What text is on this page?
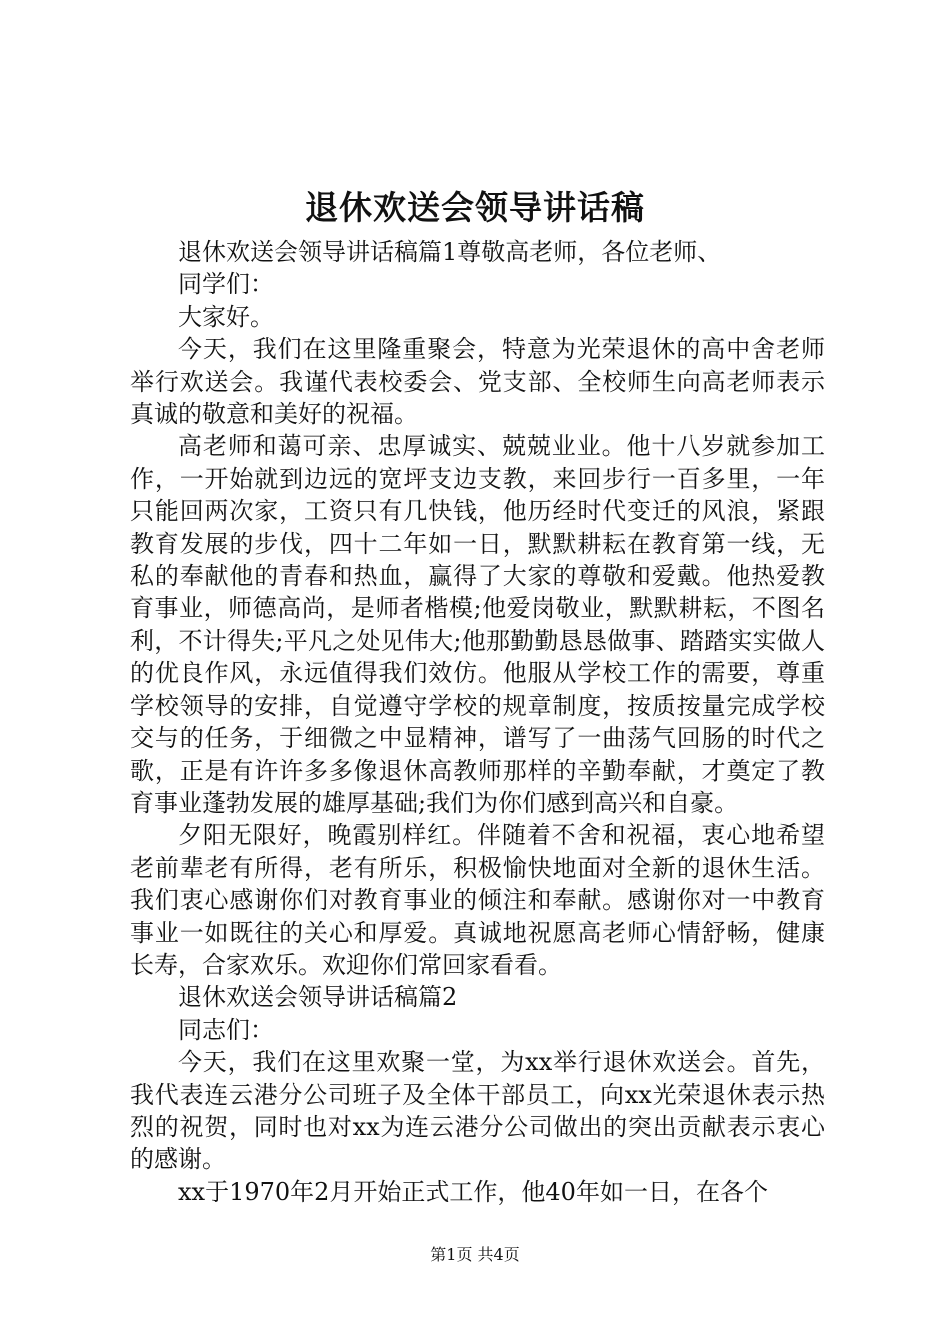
退休欢送会领导讲话稿

退休欢送会领导讲话稿篇1尊敬高老师，各位老师、

同学们：

大家好。

今天，我们在这里隆重聚会，特意为光荣退休的高中舍老师举行欢送会。我谨代表校委会、党支部、全校师生向高老师表示真诚的敬意和美好的祝福。

高老师和蔼可亲、忠厚诚实、兢兢业业。他十八岁就参加工作，一开始就到边远的宽坪支边支教，来回步行一百多里，一年只能回两次家，工资只有几快钱，他历经时代变迁的风浪，紧跟教育发展的步伐，四十二年如一日，默默耕耘在教育第一线，无私的奉献他的青春和热血，赢得了大家的尊敬和爱戴。他热爱教育事业，师德高尚，是师者楷模;他爱岗敬业，默默耕耘，不图名利，不计得失;平凡之处见伟大;他那勤勤恳恳做事、踏踏实实做人的优良作风，永远值得我们效仿。他服从学校工作的需要，尊重学校领导的安排，自觉遵守学校的规章制度，按质按量完成学校交与的任务，于细微之中显精神，谱写了一曲荡气回肠的时代之歌，正是有许许多多像退休高教师那样的辛勤奉献，才奠定了教育事业蓬勃发展的雄厚基础;我们为你们感到高兴和自豪。

夕阳无限好，晚霞别样红。伴随着不舍和祝福，衷心地希望老前辈老有所得，老有所乐，积极愉快地面对全新的退休生活。我们衷心感谢你们对教育事业的倾注和奉献。感谢你对一中教育事业一如既往的关心和厚爱。真诚地祝愿高老师心情舒畅，健康长寿，合家欢乐。欢迎你们常回家看看。

退休欢送会领导讲话稿篇2

同志们：

今天，我们在这里欢聚一堂，为xx举行退休欢送会。首先，我代表连云港分公司班子及全体干部员工，向xx光荣退休表示热烈的祝贺，同时也对xx为连云港分公司做出的突出贡献表示衷心的感谢。

xx于1970年2月开始正式工作，他40年如一日，在各个

第1页 共4页
